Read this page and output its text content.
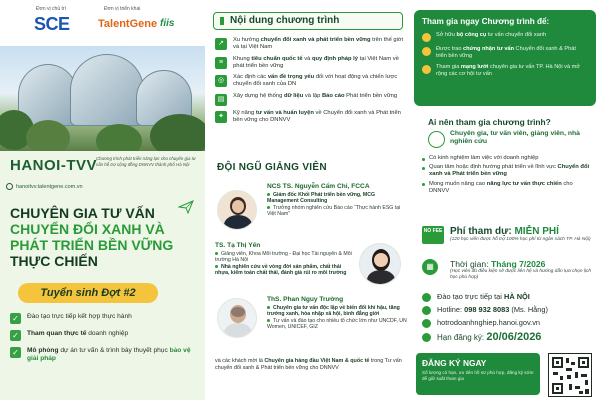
Đơn vị chủ trì	Đơn vị triển khai
SCE	TalentGene fiis
HANOI-TVV Chương trình phát triển năng lực cho chuyên gia tư vấn hỗ trợ cộng đồng DNNVV thành phố Hà Nội
hanoitvv.talentgene.com.vn
CHUYÊN GIA TƯ VẤN
CHUYỂN ĐỔI XANH VÀ
PHÁT TRIỂN BỀN VỮNG
THỰC CHIẾN
Tuyển sinh Đợt #2
✓	Đào tạo trực tiếp kết hợp thực hành
✓	Tham quan thực tế doanh nghiệp
✓	Mô phỏng dự án tư vấn & trình bày thuyết phục bảo vệ giải pháp
Nội dung chương trình
↗	Xu hướng chuyển đổi xanh và phát triển bền vững trên thế giới và tại Việt Nam
≡	Khung tiêu chuẩn quốc tế và quy định pháp lý tại Việt Nam về phát triển bền vững
◎	Xác định các vấn đề trọng yếu đối với hoạt động và chiến lược chuyển đổi xanh của DN
▤	Xây dựng hệ thống dữ liệu và lập Báo cáo Phát triển bền vững
✦	Kỹ năng tư vấn và huấn luyện về Chuyển đổi xanh và Phát triển bền vững cho DNNVV
ĐỘI NGŨ GIẢNG VIÊN
NCS TS. Nguyễn Cẩm Chi, FCCA
Giám đốc Khối Phát triển bền vững, MCG Management Consulting
Trưởng nhóm nghiên cứu Báo cáo “Thực hành ESG tại Việt Nam”
TS. Tạ Thị Yến
Giảng viên, Khoa Môi trường - Đại học Tài nguyên & Môi trường Hà Nội
Nhà nghiên cứu về vòng đời sản phẩm, chất thải nhựa, kiểm toán chất thải, đánh giá rủi ro môi trường
ThS. Phan Nguy Trường
Chuyên gia tư vấn độc lập về biến đổi khí hậu, tăng trưởng xanh, hòa nhập xã hội, bình đẳng giới
Tư vấn và đào tạo cho nhiều tổ chức lớn như UNCDF, UN Women, UNICEF, GIZ
và các khách mời là Chuyên gia hàng đầu Việt Nam & quốc tế trong Tư vấn chuyển đổi xanh & Phát triển bền vững cho DNNVV
Tham gia ngay Chương trình để:
Sở hữu bộ công cụ tư vấn chuyển đổi xanh
Được trao chứng nhận tư vấn Chuyển đổi xanh & Phát triển bền vững
Tham gia mạng lưới chuyên gia tư vấn TP. Hà Nội và mở rộng các cơ hội tư vấn
Ai nên tham gia chương trình?
Chuyên gia, tư vấn viên, giảng viên, nhà nghiên cứu
Có kinh nghiệm làm việc với doanh nghiệp
Quan tâm hoặc định hướng phát triển về lĩnh vực Chuyển đổi xanh và Phát triển bền vững
Mong muốn nâng cao năng lực tư vấn thực chiến cho DNNVV
NO FEE Phí tham dự: MIỄN PHÍ
(120 học viên được hỗ trợ 100% học phí từ ngân sách TP. Hà Nội)
▦	Thời gian: Tháng 7/2026
(Học viên đủ điều kiện sẽ được liên hệ và hướng dẫn lựa chọn lịch học phù hợp)
Đào tạo trực tiếp tại HÀ NỘI
Hotline: 098 932 8083 (Ms. Hằng)
hotrodoanhnghiep.hanoi.gov.vn
Hạn đăng ký: 20/06/2026
ĐĂNG KÝ NGAY
Số lượng có hạn, ưu tiên hồ sơ phù hợp, đăng ký sớm để giữ suất tham gia
